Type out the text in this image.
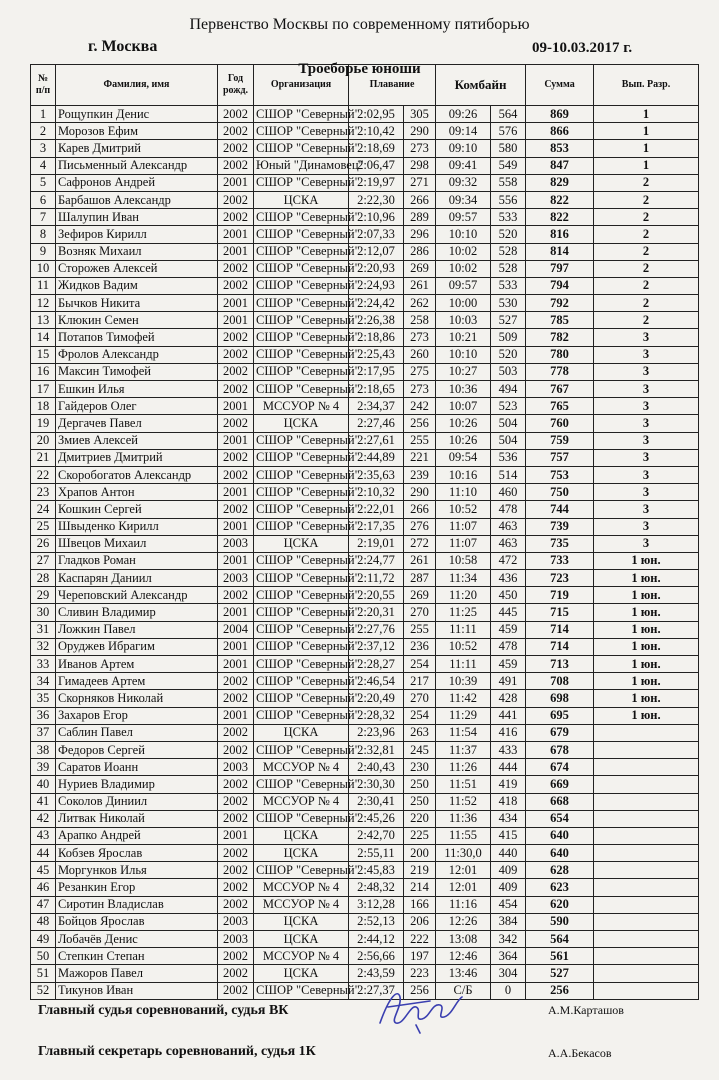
Первенство Москвы по современному пятиборью
г. Москва	09-10.03.2017 г.
№ п/п	Фамилия, имя	Год рожд.	Организация	Плавание		Комбайн		Сумма	Вып. Разр.
1	Рощупкин Денис	2002	СШОР "Северный"	2:02,95	305	09:26	564	869	1
2	Морозов Ефим	2002	СШОР "Северный"	2:10,42	290	09:14	576	866	1
3	Карев Дмитрий	2002	СШОР "Северный"	2:18,69	273	09:10	580	853	1
4	Письменный Александр	2002	Юный "Динамовец"	2:06,47	298	09:41	549	847	1
5	Сафронов Андрей	2001	СШОР "Северный"	2:19,97	271	09:32	558	829	2
6	Барбашов Александр	2002	ЦСКА	2:22,30	266	09:34	556	822	2
7	Шалупин Иван	2002	СШОР "Северный"	2:10,96	289	09:57	533	822	2
8	Зефиров Кирилл	2001	СШОР "Северный"	2:07,33	296	10:10	520	816	2
9	Возняк Михаил	2001	СШОР "Северный"	2:12,07	286	10:02	528	814	2
10	Сторожев Алексей	2002	СШОР "Северный"	2:20,93	269	10:02	528	797	2
11	Жидков Вадим	2002	СШОР "Северный"	2:24,93	261	09:57	533	794	2
12	Бычков Никита	2001	СШОР "Северный"	2:24,42	262	10:00	530	792	2
13	Клюкин Семен	2001	СШОР "Северный"	2:26,38	258	10:03	527	785	2
14	Потапов Тимофей	2002	СШОР "Северный"	2:18,86	273	10:21	509	782	3
15	Фролов Александр	2002	СШОР "Северный"	2:25,43	260	10:10	520	780	3
16	Максин Тимофей	2002	СШОР "Северный"	2:17,95	275	10:27	503	778	3
17	Ешкин Илья	2002	СШОР "Северный"	2:18,65	273	10:36	494	767	3
18	Гайдеров Олег	2001	МССУОР № 4	2:34,37	242	10:07	523	765	3
19	Дергачев Павел	2002	ЦСКА	2:27,46	256	10:26	504	760	3
20	Змиев Алексей	2001	СШОР "Северный"	2:27,61	255	10:26	504	759	3
21	Дмитриев Дмитрий	2002	СШОР "Северный"	2:44,89	221	09:54	536	757	3
22	Скоробогатов Александр	2002	СШОР "Северный"	2:35,63	239	10:16	514	753	3
23	Храпов Антон	2001	СШОР "Северный"	2:10,32	290	11:10	460	750	3
24	Кошкин Сергей	2002	СШОР "Северный"	2:22,01	266	10:52	478	744	3
25	Швыденко Кирилл	2001	СШОР "Северный"	2:17,35	276	11:07	463	739	3
26	Швецов Михаил	2003	ЦСКА	2:19,01	272	11:07	463	735	3
27	Гладков Роман	2001	СШОР "Северный"	2:24,77	261	10:58	472	733	1 юн.
28	Каспарян Даниил	2003	СШОР "Северный"	2:11,72	287	11:34	436	723	1 юн.
29	Череповский Александр	2002	СШОР "Северный"	2:20,55	269	11:20	450	719	1 юн.
30	Сливин Владимир	2001	СШОР "Северный"	2:20,31	270	11:25	445	715	1 юн.
31	Ложкин Павел	2004	СШОР "Северный"	2:27,76	255	11:11	459	714	1 юн.
32	Оруджев Ибрагим	2001	СШОР "Северный"	2:37,12	236	10:52	478	714	1 юн.
33	Иванов Артем	2001	СШОР "Северный"	2:28,27	254	11:11	459	713	1 юн.
34	Гимадеев Артем	2002	СШОР "Северный"	2:46,54	217	10:39	491	708	1 юн.
35	Скорняков Николай	2002	СШОР "Северный"	2:20,49	270	11:42	428	698	1 юн.
36	Захаров Егор	2001	СШОР "Северный"	2:28,32	254	11:29	441	695	1 юн.
37	Саблин Павел	2002	ЦСКА	2:23,96	263	11:54	416	679	
38	Федоров Сергей	2002	СШОР "Северный"	2:32,81	245	11:37	433	678	
39	Саратов Иоанн	2003	МССУОР № 4	2:40,43	230	11:26	444	674	
40	Нуриев Владимир	2002	СШОР "Северный"	2:30,30	250	11:51	419	669	
41	Соколов Диниил	2002	МССУОР № 4	2:30,41	250	11:52	418	668	
42	Литвак Николай	2002	СШОР "Северный"	2:45,26	220	11:36	434	654	
43	Арапко Андрей	2001	ЦСКА	2:42,70	225	11:55	415	640	
44	Кобзев Ярослав	2002	ЦСКА	2:55,11	200	11:30,0	440	640	
45	Моргунков Илья	2002	СШОР "Северный"	2:45,83	219	12:01	409	628	
46	Резанкин Егор	2002	МССУОР № 4	2:48,32	214	12:01	409	623	
47	Сиротин Владислав	2002	МССУОР № 4	3:12,28	166	11:16	454	620	
48	Бойцов Ярослав	2003	ЦСКА	2:52,13	206	12:26	384	590	
49	Лобачёв Денис	2003	ЦСКА	2:44,12	222	13:08	342	564	
50	Степкин Степан	2002	МССУОР № 4	2:56,66	197	12:46	364	561	
51	Мажоров Павел	2002	ЦСКА	2:43,59	223	13:46	304	527	
52	Тикунов Иван	2002	СШОР "Северный"	2:27,37	256	С/Б	0	256	
Троеборье юноши
Главный судья соревнований, судья ВК	А.М.Карташов
Главный секретарь соревнований, судья 1К	А.А.Бекасов
